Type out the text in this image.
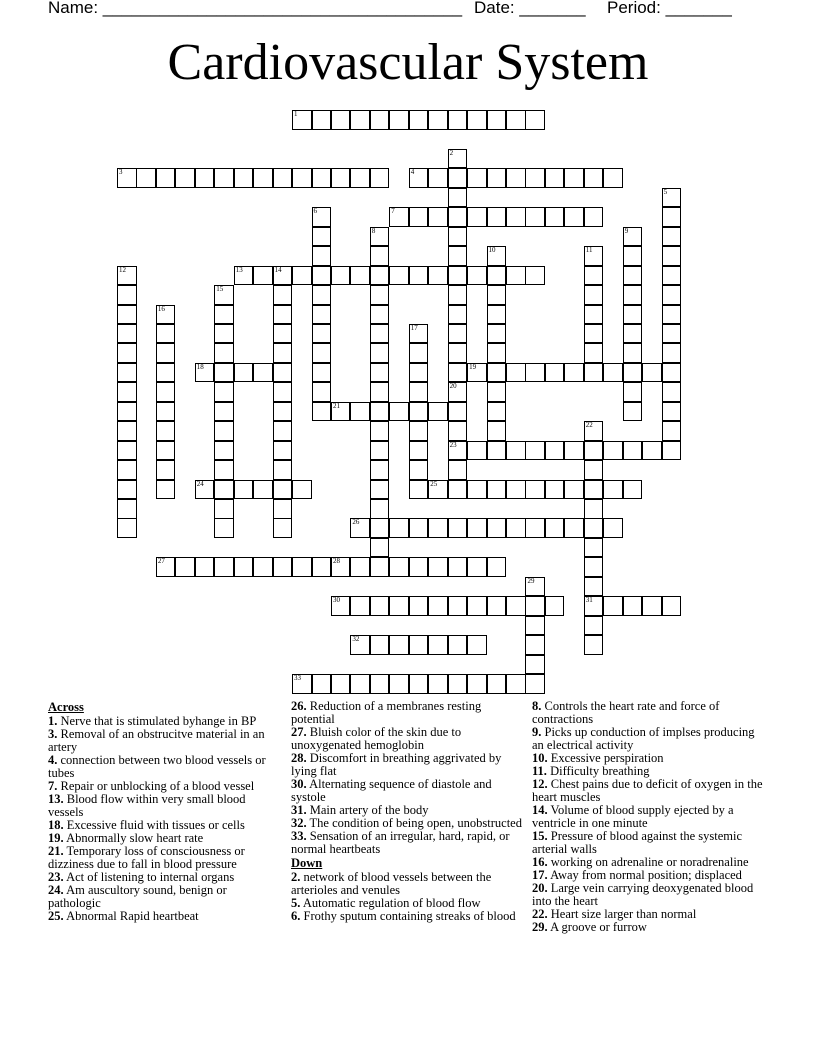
Name: ______________________________________ Date: _______ Period: _______
Cardiovascular System
1
3	4
7
13	14
18	19
21
23
24	25
26
27	28
30	31
32
33
2
5
6
8	9
10	11
12
15
16
17
20
22
29
Across
1. Nerve that is stimulated byhange in BP
3. Removal of an obstrucitve material in an artery
4. connection between two blood vessels or tubes
7. Repair or unblocking of a blood vessel
13. Blood flow within very small blood vessels
18. Excessive fluid with tissues or cells
19. Abnormally slow heart rate
21. Temporary loss of consciousness or dizziness due to fall in blood pressure
23. Act of listening to internal organs
24. Am auscultory sound, benign or pathologic
25. Abnormal Rapid heartbeat
26. Reduction of a membranes resting potential
27. Bluish color of the skin due to unoxygenated hemoglobin
28. Discomfort in breathing aggrivated by lying flat
30. Alternating sequence of diastole and systole
31. Main artery of the body
32. The condition of being open, unobstructed
33. Sensation of an irregular, hard, rapid, or normal heartbeats
Down
2. network of blood vessels between the arterioles and venules
5. Automatic regulation of blood flow
6. Frothy sputum containing streaks of blood
8. Controls the heart rate and force of contractions
9. Picks up conduction of implses producing an electrical activity
10. Excessive perspiration
11. Difficulty breathing
12. Chest pains due to deficit of oxygen in the heart muscles
14. Volume of blood supply ejected by a ventricle in one minute
15. Pressure of blood against the systemic arterial walls
16. working on adrenaline or noradrenaline
17. Away from normal position; displaced
20. Large vein carrying deoxygenated blood into the heart
22. Heart size larger than normal
29. A groove or furrow
